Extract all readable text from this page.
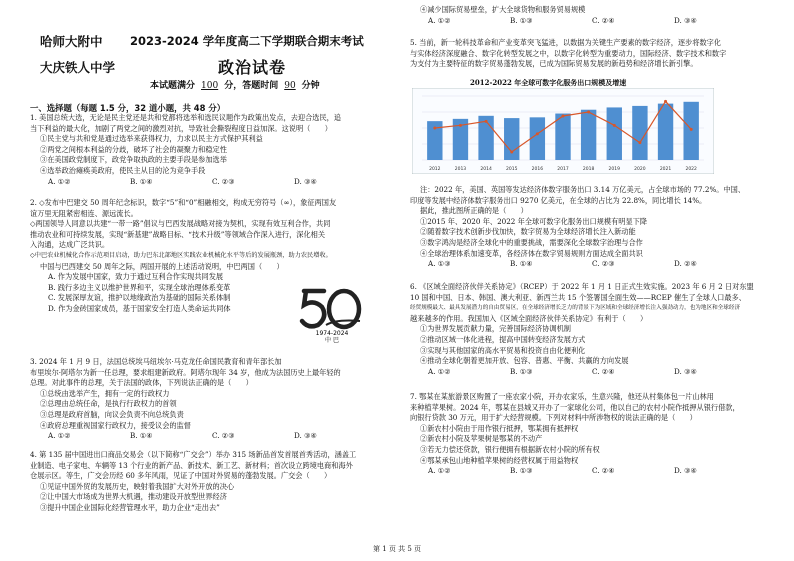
哈师大附中 2023-2024 学年度高二下学期联合期末考试
大庆铁人中学	政治试卷
本试题满分 100 分，答题时间 90 分钟
一、选择题（每题 1.5 分，32 道小题，共 48 分）

1. 美国总统大选，无论是民主党还是共和党都将选举和选民议题作为政策出发点，去迎合选民，追

当下利益的最大化，加剧了两党之间的激烈对抗，导致社会撕裂程度日益加深。这说明（　　）

①民主党与共和党是通过选举来获得权力，力求以民主方式保护其利益

②两党之间根本利益的分歧，破坏了社会的凝聚力和稳定性

③在美国政党制度下，政党争取执政的主要手段是参加选举

④选举政治瘫痪美政府，使民主从目的沦为竞争手段

A. ①②	B. ①④	C. ②③	D. ③④

2. ◇发布中巴建交 50 周年纪念标识，数字“5”和“0”相融相交，构成无穷符号（∞），象征两国友

谊万里无阻紧密相连、源远流长。

◇两国领导人同意以共建“一带一路”倡议与巴西发展战略对接为契机，实现有效互利合作，共同

推动农业和可持续发展，实现“新基建”战略目标、“技术升级”等领域合作深入进行，深化相关

入沟通，达成广泛共识。

◇中巴农业机械化合作示范项目启动，助力巴东北部地区实践农业机械化水平等后的发展瓶颈，助力农民增收。

中国与巴西建交 50 周年之际，两国开展的上述活动说明，中巴两国（　　）

A. 作为发展中国家，致力于通过互利合作实现共同发展

B. 践行多边主义以维护世界和平，实现全球治理体系变革

C. 发展深厚友谊，推护以地缘政治为基础的国际关系体制

D. 作为金砖国家成员，基于国家安全打造人类命运共同体

1974-2024
中 巴

3. 2024 年 1 月 9 日，法国总统埃马纽埃尔·马克龙任命国民教育和青年部长加

布里埃尔·阿塔尔为新一任总理，要求组建新政府。阿塔尔现年 34 岁，他成为法国历史上最年轻的

总理。对此事件的总理，关于法国的政体，下列说法正确的是（　　）

①总统由选举产生，拥有一定的行政权力

②总理由总统任命，是执行行政权力的首领

③总理是政府首脑，向议会负责不向总统负责

④政府总理重视国家行政权力，接受议会的监督

A. ①②	B. ①④	C. ②③	D. ③④

4. 第 135 届中国进出口商品交易会（以下简称“广交会”）举办 315 场新品首发首展首秀活动，涵盖工

业制造、电子家电、车辆等 13 个行业的新产品、新技术、新工艺、新材料；首次设立跨境电商和海外

仓展示区。等生，广交会历经 60 多年风雨，见证了中国对外贸易的蓬勃发展。广交会（　　）

①见证中国外贸的发展历史，映射着我国扩大对外开放的决心

②让中国大市场成为世界大机遇，推动建设开放型世界经济

③提升中国企业国际化经营管理水平，助力企业“走出去”

④减少国际贸易壁垒，扩大全球货物和服务贸易规模

A. ①②	B. ①③	C. ②④	D. ③④

5. 当前，新一轮科技革命和产业变革突飞猛进，以数据为关键生产要素的数字经济，逐步将数字化

与实体经济深度融合、数字化转型发展之中，以数字化转型为重要动力，国际经济、数字技术和数字

为支付为主要特征的数字贸易蓬勃发展，已成为国际贸易发展的新趋势和经济增长新引擎。

2012-2022 年全球可数字化服务出口规模及增速
2012	2013	2014	2015	2016	2017	2018	2019	2020	2021	2022

注：2022 年，美国、英国等发达经济体数字服务出口 3.14 万亿美元，占全球市场的 77.2%。中国、

印度等发展中经济体数字服务出口 9270 亿美元，在全球的占比为 22.8%，同比增长 14%。

据此，推此图所正确的是（　　）

①2015 年、2020 年、2022 年全球可数字化服务出口规模有明显下降

②随着数字技术创新步伐加快，数字贸易为全球经济增长注入新动能

③数字鸿沟是经济全球化中的重要挑战，需要深化全球数字治理与合作

④全球治理体系加速变革，各经济体在数字贸易规则方面达成全面共识

A. ①③	B. ①④	C. ②③	D. ②④

6. 《区域全面经济伙伴关系协定》（RCEP）于 2022 年 1 月 1 日正式生效实施。2023 年 6 月 2 日对东盟

10 国和中国、日本、韩国、澳大利亚、新西兰共 15 个签署国全面生效——RCEP 催生了全球人口最多、

经贸规模最大、最具发展潜力的自由贸易区，在全球经济增长乏力的背景下为区域和全球经济增长注入强劲动力，也为地区和全球经济

越来越多的作用。我国加入《区域全面经济伙伴关系协定》有利于（　　）

①为世界发展贡献力量，完善国际经济协调机制

②推动区域一体化进程，提高中国转变经济发展方式

③实现与其他国家的高水平贸易和投资自由化便利化

④推动全球化朝着更加开放、包容、普惠、平衡、共赢的方向发展

A. ①②	B. ①③	C. ②④	D. ③④

7. 鄂某在某旅游景区购置了一座农家小院，开办农家乐，生意兴隆，他还从村集体包一片山林用

来种植苹果树。2024 年，鄂某在县城又开办了一家球化公司，他以自己的农村小院作抵押从银行借款，

向银行贷款 30 万元，用于扩大经营规模。下列对材料中所涉物权的说法正确的是（　　）

①新农村小院由于用作银行抵押，鄂某拥有抵押权

②新农村小院及苹果树是鄂某的不动产

③若无力偿还贷款，银行便拥有根据新农村小院的所有权

④鄂某承包山地种植苹果树的经营权属于用益物权

A. ①②	B. ①③	C. ②④	D. ③④

第 1 页 共 5 页
